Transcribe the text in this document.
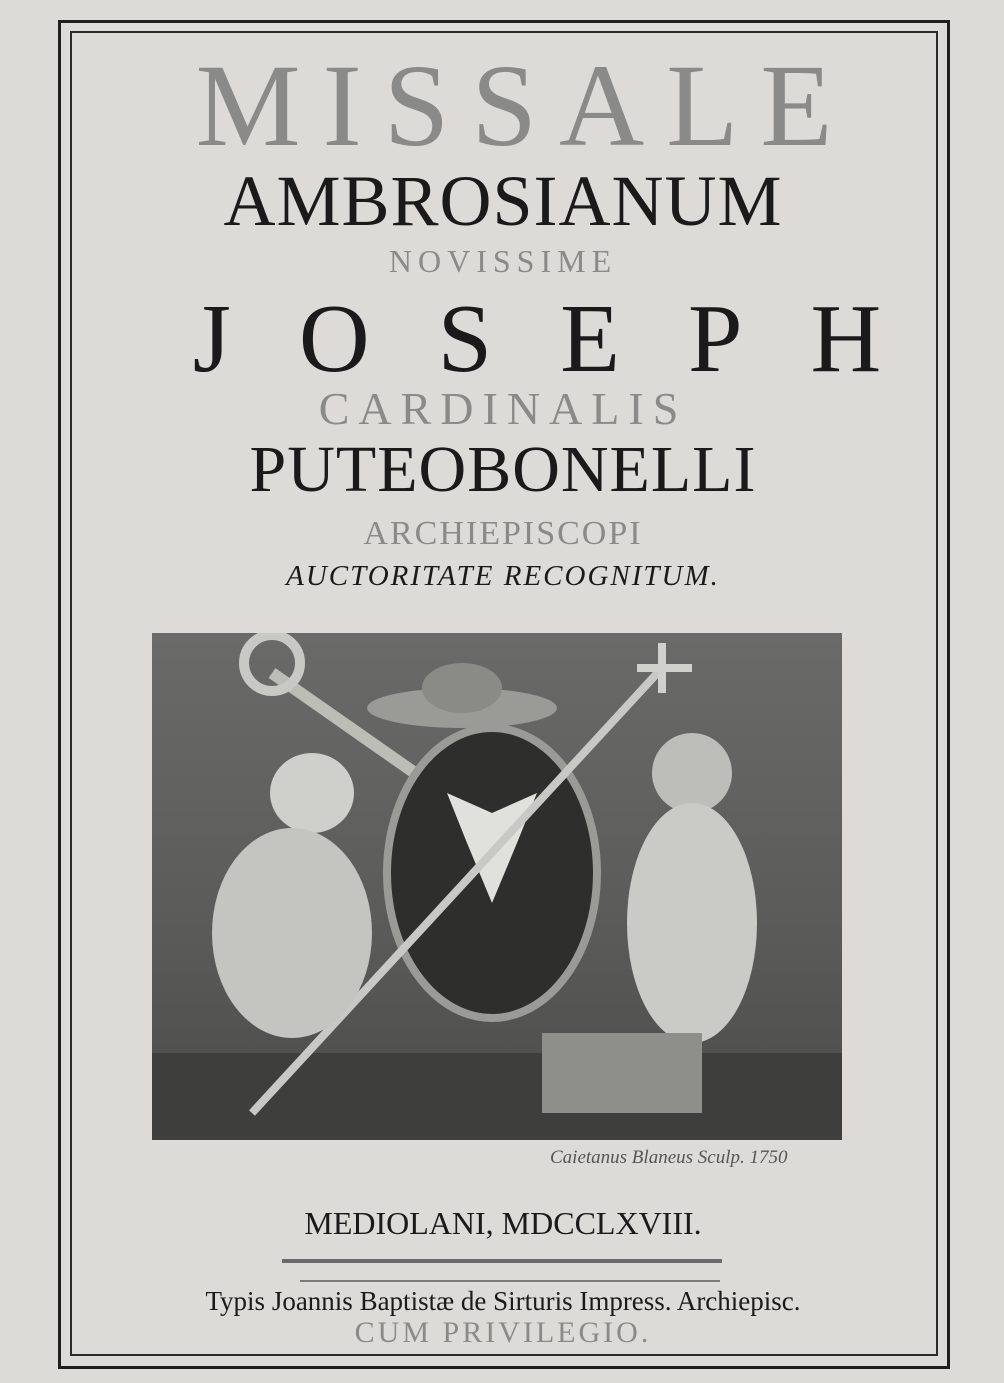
MISSALE
AMBROSIANUM
NOVISSIME
JOSEPH
CARDINALIS
PUTEOBONELLI
ARCHIEPISCOPI
AUCTORITATE RECOGNITUM.
Caietanus Blaneus Sculp. 1750
MEDIOLANI, MDCCLXVIII.
Typis Joannis Baptistæ de Sirturis Impress. Archiepisc.
CUM PRIVILEGIO.
